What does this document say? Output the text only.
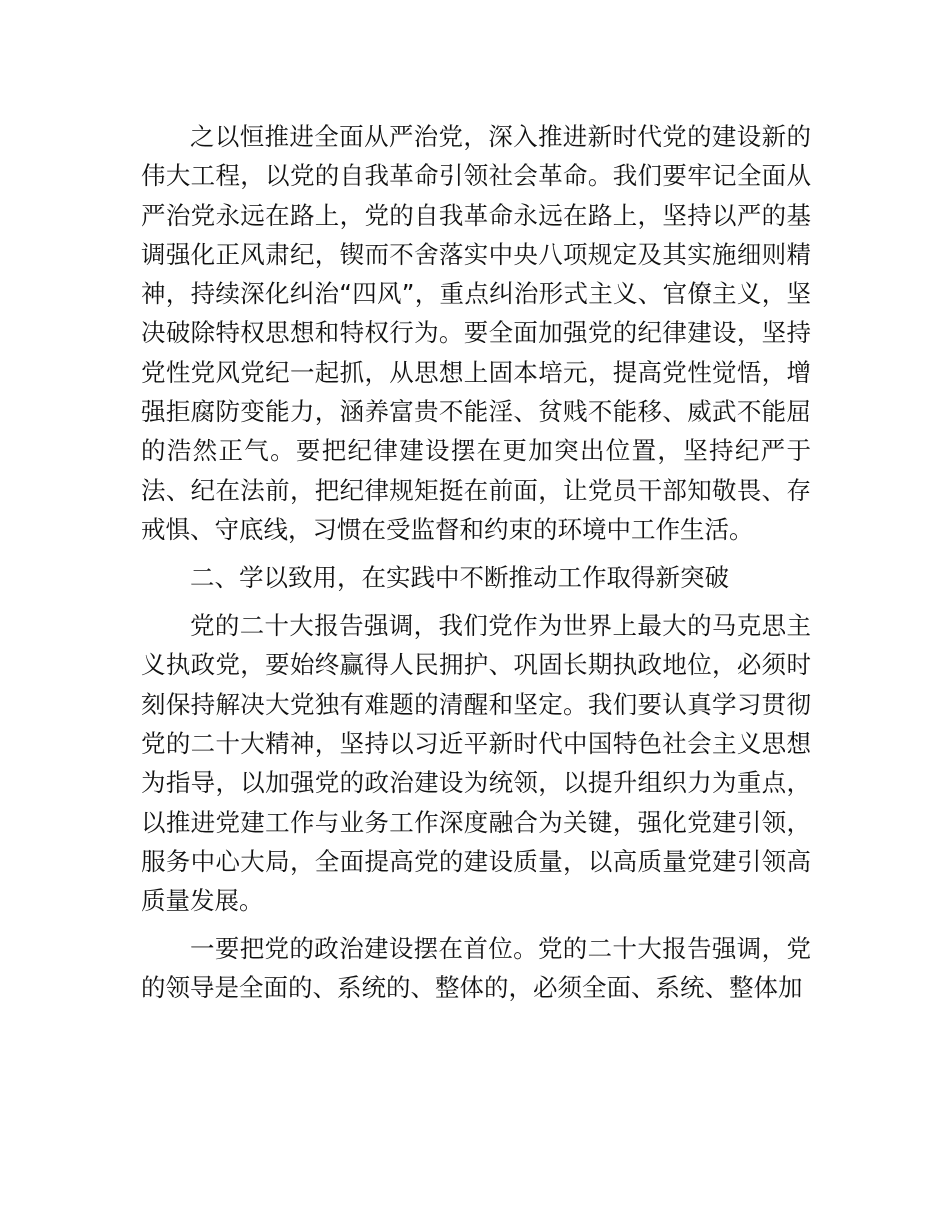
之以恒推进全面从严治党，深入推进新时代党的建设新的伟大工程，以党的自我革命引领社会革命。我们要牢记全面从严治党永远在路上，党的自我革命永远在路上，坚持以严的基调强化正风肃纪，锲而不舍落实中央八项规定及其实施细则精神，持续深化纠治“四风”，重点纠治形式主义、官僚主义，坚决破除特权思想和特权行为。要全面加强党的纪律建设，坚持党性党风党纪一起抓，从思想上固本培元，提高党性觉悟，增强拒腐防变能力，涵养富贵不能淫、贫贱不能移、威武不能屈的浩然正气。要把纪律建设摆在更加突出位置，坚持纪严于法、纪在法前，把纪律规矩挺在前面，让党员干部知敬畏、存戒惧、守底线，习惯在受监督和约束的环境中工作生活。

二、学以致用，在实践中不断推动工作取得新突破

党的二十大报告强调，我们党作为世界上最大的马克思主义执政党，要始终赢得人民拥护、巩固长期执政地位，必须时刻保持解决大党独有难题的清醒和坚定。我们要认真学习贯彻党的二十大精神，坚持以习近平新时代中国特色社会主义思想为指导，以加强党的政治建设为统领，以提升组织力为重点，以推进党建工作与业务工作深度融合为关键，强化党建引领，服务中心大局，全面提高党的建设质量，以高质量党建引领高质量发展。

一要把党的政治建设摆在首位。党的二十大报告强调，党的领导是全面的、系统的、整体的，必须全面、系统、整体加
